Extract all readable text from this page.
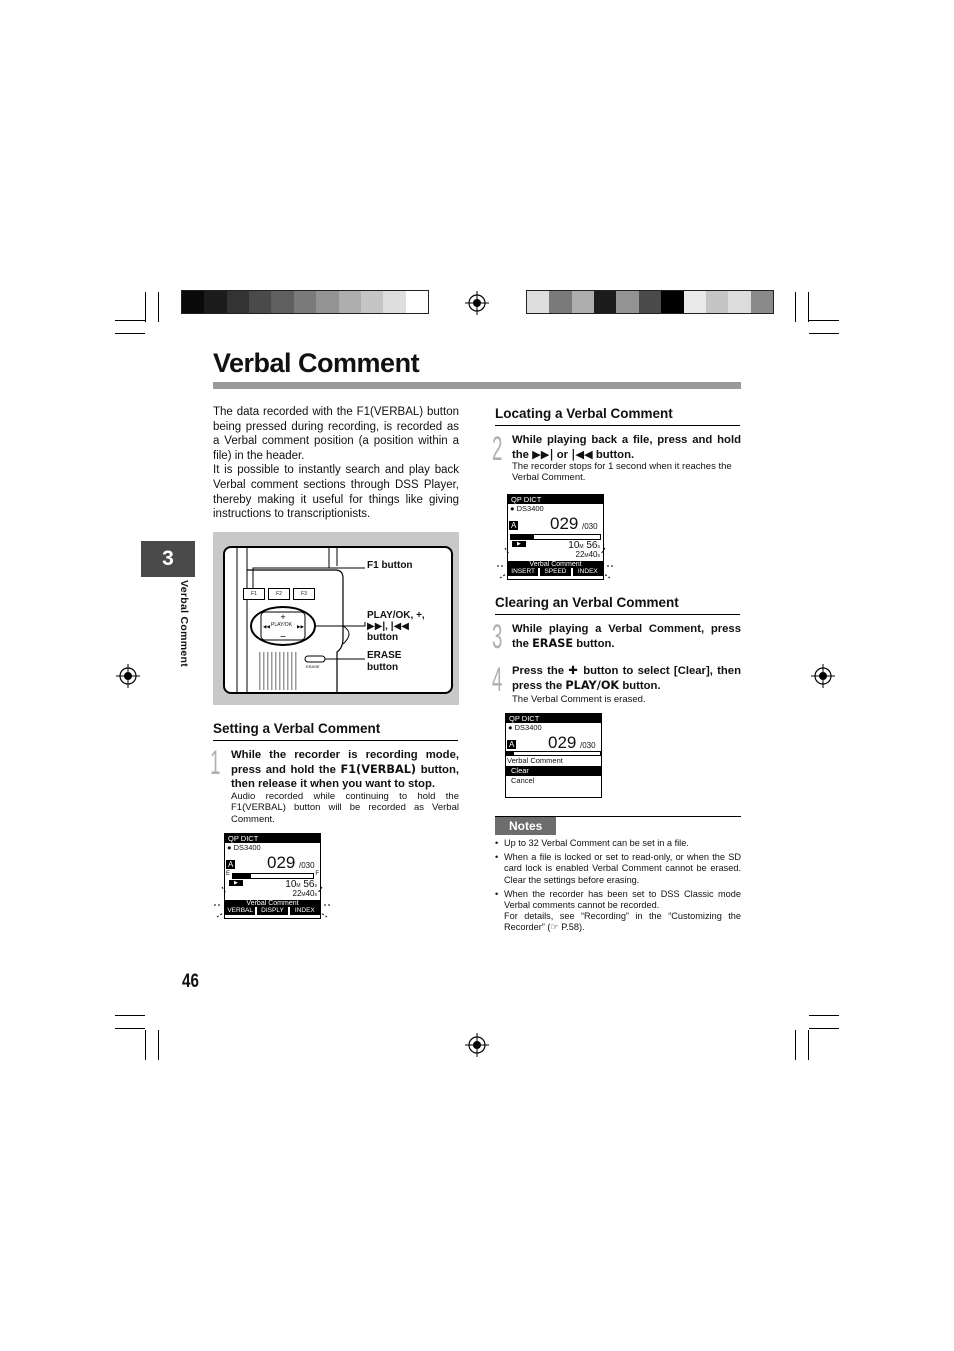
Verbal Comment
3
Verbal Comment
The data recorded with the F1(VERBAL) button being pressed during recording, is recorded as a Verbal comment position (a position within a file) in the header.
It is possible to instantly search and play back Verbal comment sections through DSS Player, thereby making it useful for things like giving instructions to transcriptionists.
+
−
◀◀	▶▶
F1	F2	F3
PLAY/OK
ERASE
F1 button
PLAY/OK, +,
▶▶|, |◀◀
button
ERASE
button
Setting a Verbal Comment
1 While the recorder is recording mode, press and hold the F1(VERBAL) button, then release it when you want to stop.
Audio recorded while continuing to hold the F1(VERBAL) button will be recorded as Verbal Comment.
QP DICT
● DS3400
A 029 /030
E	F
▶	10M 56s
22M40s
Verbal Comment
VERBAL	DISPLY	INDEX
Locating a Verbal Comment
2 While playing back a file, press and hold the ▶▶| or |◀◀ button.
The recorder stops for 1 second when it reaches the Verbal Comment.
QP DICT
● DS3400
A 029 /030
▶	10M 56s
22M40s
Verbal Comment
INSERT	SPEED	INDEX
Clearing an Verbal Comment
3 While playing a Verbal Comment, press the ERASE button.
4 Press the ✚ button to select [Clear], then press the PLAY/OK button.
The Verbal Comment is erased.
QP DICT
● DS3400
A 029 /030
Verbal Comment
Clear
Cancel
Notes
• Up to 32 Verbal Comment can be set in a file.
• When a file is locked or set to read-only, or when the SD card lock is enabled Verbal Comment cannot be erased. Clear the settings before erasing.
• When the recorder has been set to DSS Classic mode Verbal comments cannot be recorded.
For details, see “Recording” in the “Customizing the Recorder” (☞ P.58).
46
